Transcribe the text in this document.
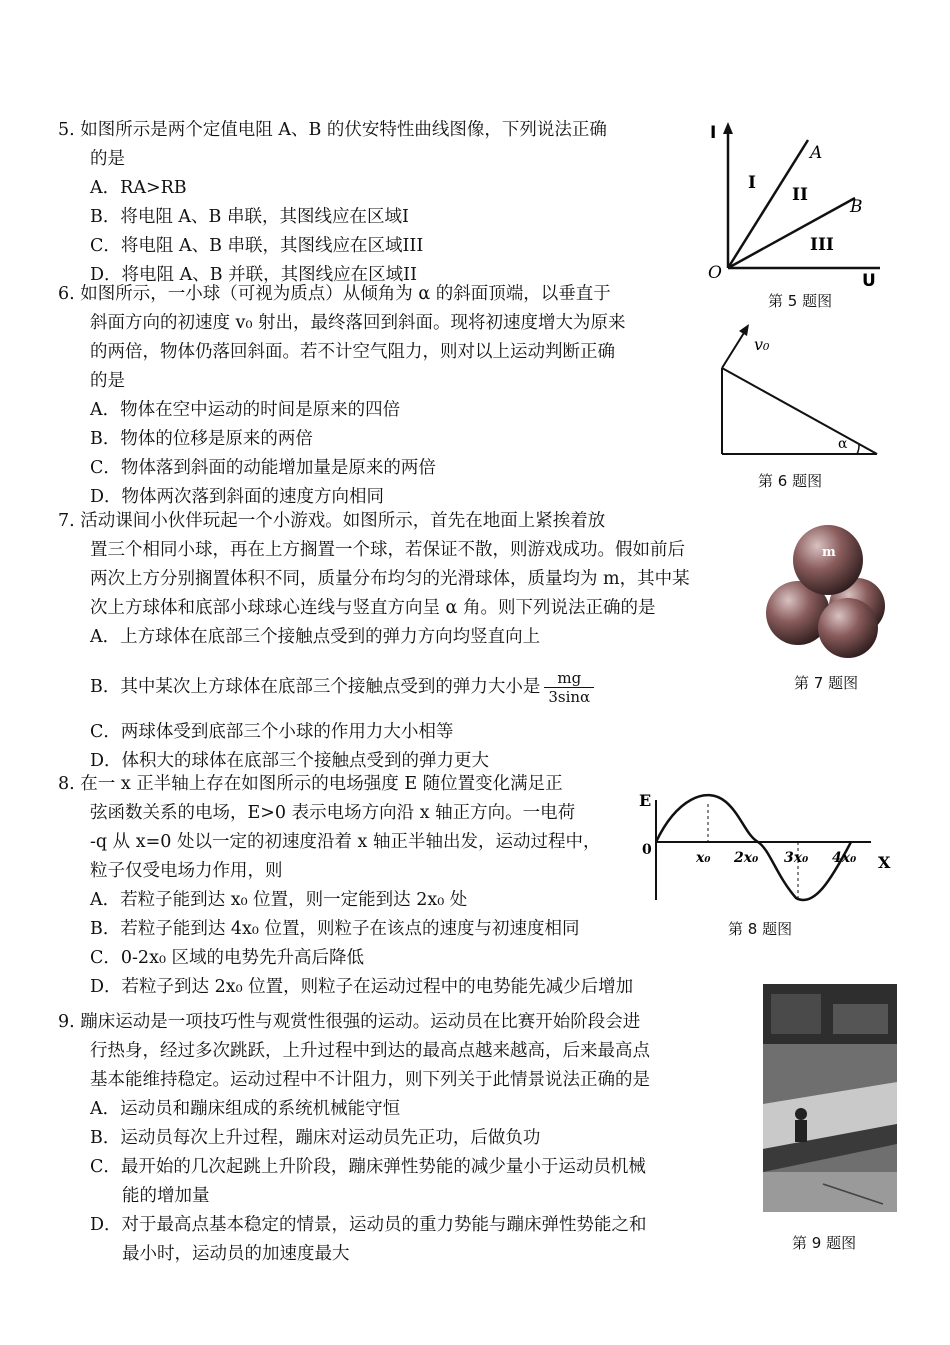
5. 如图所示是两个定值电阻 A、B 的伏安特性曲线图像，下列说法正确
的是
A．RA>RB
B．将电阻 A、B 串联，其图线应在区域I
C．将电阻 A、B 串联，其图线应在区域III
D．将电阻 A、B 并联，其图线应在区域II
I
U
O
A
B
I
II
III
第 5 题图
6. 如图所示，一小球（可视为质点）从倾角为 α 的斜面顶端，以垂直于
斜面方向的初速度 v₀ 射出，最终落回到斜面。现将初速度增大为原来
的两倍，物体仍落回斜面。若不计空气阻力，则对以上运动判断正确
的是
A．物体在空中运动的时间是原来的四倍
B．物体的位移是原来的两倍
C．物体落到斜面的动能增加量是原来的两倍
D．物体两次落到斜面的速度方向相同
v₀
α
第 6 题图
7. 活动课间小伙伴玩起一个小游戏。如图所示，首先在地面上紧挨着放
置三个相同小球，再在上方搁置一个球，若保证不散，则游戏成功。假如前后
两次上方分别搁置体积不同，质量分布均匀的光滑球体，质量均为 m，其中某
次上方球体和底部小球球心连线与竖直方向呈 α 角。则下列说法正确的是
A．上方球体在底部三个接触点受到的弹力方向均竖直向上
B．其中某次上方球体在底部三个接触点受到的弹力大小是 $\frac{mg}{3\sin\alpha}$
C．两球体受到底部三个小球的作用力大小相等
D．体积大的球体在底部三个接触点受到的弹力更大
m
第 7 题图
8. 在一 x 正半轴上存在如图所示的电场强度 E 随位置变化满足正
弦函数关系的电场，E>0 表示电场方向沿 x 轴正方向。一电荷
-q 从 x=0 处以一定的初速度沿着 x 轴正半轴出发，运动过程中，
粒子仅受电场力作用，则
A．若粒子能到达 x₀ 位置，则一定能到达 2x₀ 处
B．若粒子能到达 4x₀ 位置，则粒子在该点的速度与初速度相同
C．0-2x₀ 区域的电势先升高后降低
D．若粒子到达 2x₀ 位置，则粒子在运动过程中的电势能先减少后增加
E
X
0	x₀ 2x₀ 3x₀ 4x₀
第 8 题图
9. 蹦床运动是一项技巧性与观赏性很强的运动。运动员在比赛开始阶段会进
行热身，经过多次跳跃，上升过程中到达的最高点越来越高，后来最高点
基本能维持稳定。运动过程中不计阻力，则下列关于此情景说法正确的是
A．运动员和蹦床组成的系统机械能守恒
B．运动员每次上升过程，蹦床对运动员先正功，后做负功
C．最开始的几次起跳上升阶段，蹦床弹性势能的减少量小于运动员机械
能的增加量
D．对于最高点基本稳定的情景，运动员的重力势能与蹦床弹性势能之和
最小时，运动员的加速度最大
第 9 题图
